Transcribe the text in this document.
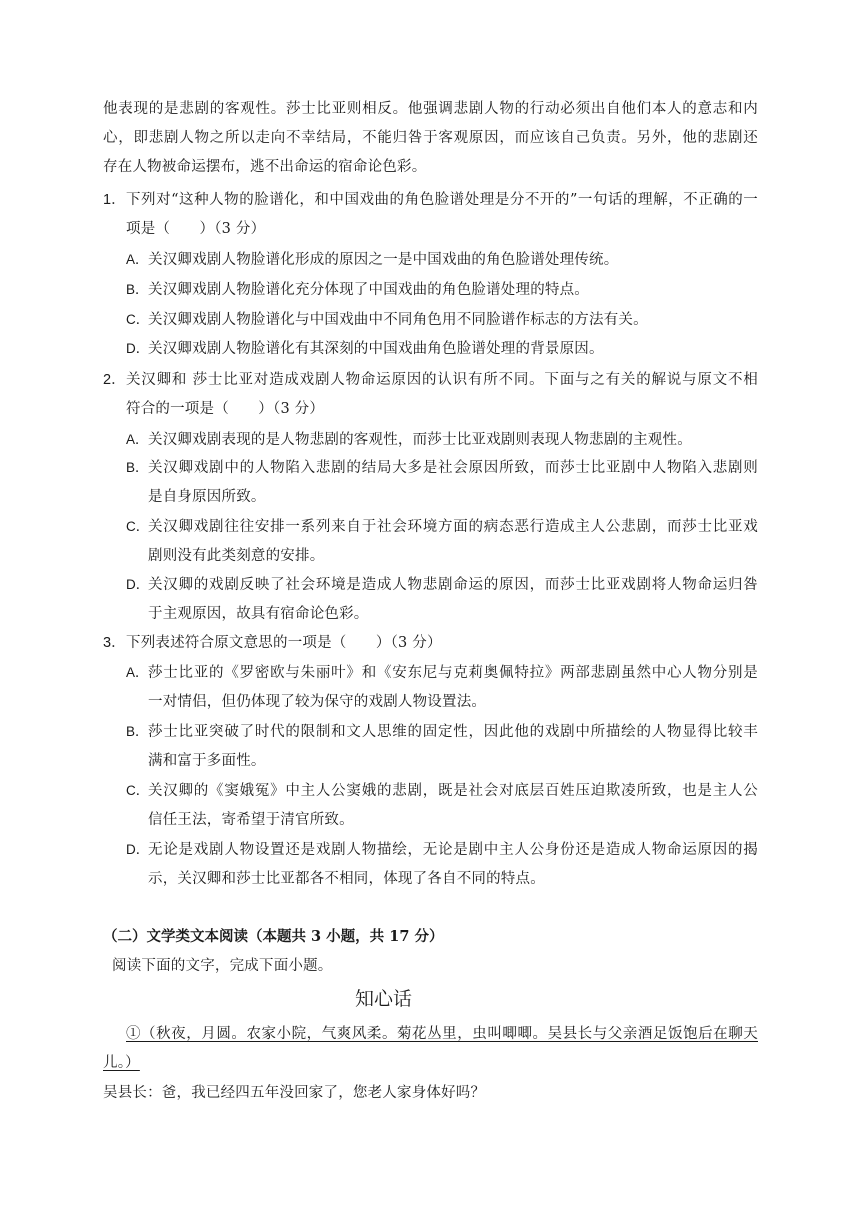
他表现的是悲剧的客观性。莎士比亚则相反。他强调悲剧人物的行动必须出自他们本人的意志和内
心，即悲剧人物之所以走向不幸结局，不能归咎于客观原因，而应该自己负责。另外，他的悲剧还
存在人物被命运摆布，逃不出命运的宿命论色彩。
1． 下列对“这种人物的脸谱化，和中国戏曲的角色脸谱处理是分不开的”一句话的理解，不正确的一
项是（　　）（3 分）
A． 关汉卿戏剧人物脸谱化形成的原因之一是中国戏曲的角色脸谱处理传统。
B． 关汉卿戏剧人物脸谱化充分体现了中国戏曲的角色脸谱处理的特点。
C．
关汉卿戏剧人物脸谱化与中国戏曲中不同角色用不同脸谱作标志的方法有关。
D．
关汉卿戏剧人物脸谱化有其深刻的中国戏曲角色脸谱处理的背景原因。
2． 关汉卿和 莎士比亚对造成戏剧人物命运原因的认识有所不同。下面与之有关的解说与原文不相
符合的一项是（　　）（3 分）
A． 关汉卿戏剧表现的是人物悲剧的客观性，而莎士比亚戏剧则表现人物悲剧的主观性。
B． 关汉卿戏剧中的人物陷入悲剧的结局大多是社会原因所致，而莎士比亚剧中人物陷入悲剧则
是自身原因所致。
C．
关汉卿戏剧往往安排一系列来自于社会环境方面的病态恶行造成主人公悲剧，而莎士比亚戏
剧则没有此类刻意的安排。
D．
关汉卿的戏剧反映了社会环境是造成人物悲剧命运的原因，而莎士比亚戏剧将人物命运归咎
于主观原因，故具有宿命论色彩。
3． 下列表述符合原文意思的一项是（　　）（3 分）
A． 莎士比亚的《罗密欧与朱丽叶》和《安东尼与克莉奥佩特拉》两部悲剧虽然中心人物分别是
一对情侣，但仍体现了较为保守的戏剧人物设置法。
B． 莎士比亚突破了时代的限制和文人思维的固定性，因此他的戏剧中所描绘的人物显得比较丰
满和富于多面性。
C．
关汉卿的《窦娥冤》中主人公窦娥的悲剧，既是社会对底层百姓压迫欺凌所致，也是主人公
信任王法，寄希望于清官所致。
D．
无论是戏剧人物设置还是戏剧人物描绘，无论是剧中主人公身份还是造成人物命运原因的揭
示，关汉卿和莎士比亚都各不相同，体现了各自不同的特点。
（二）文学类文本阅读（本题共 3 小题，共 17 分）
阅读下面的文字，完成下面小题。
知心话
①（秋夜，月圆。农家小院，气爽风柔。菊花丛里，虫叫唧唧。吴县长与父亲酒足饭饱后在聊天
儿。）
吴县长：爸，我已经四五年没回家了，您老人家身体好吗？
